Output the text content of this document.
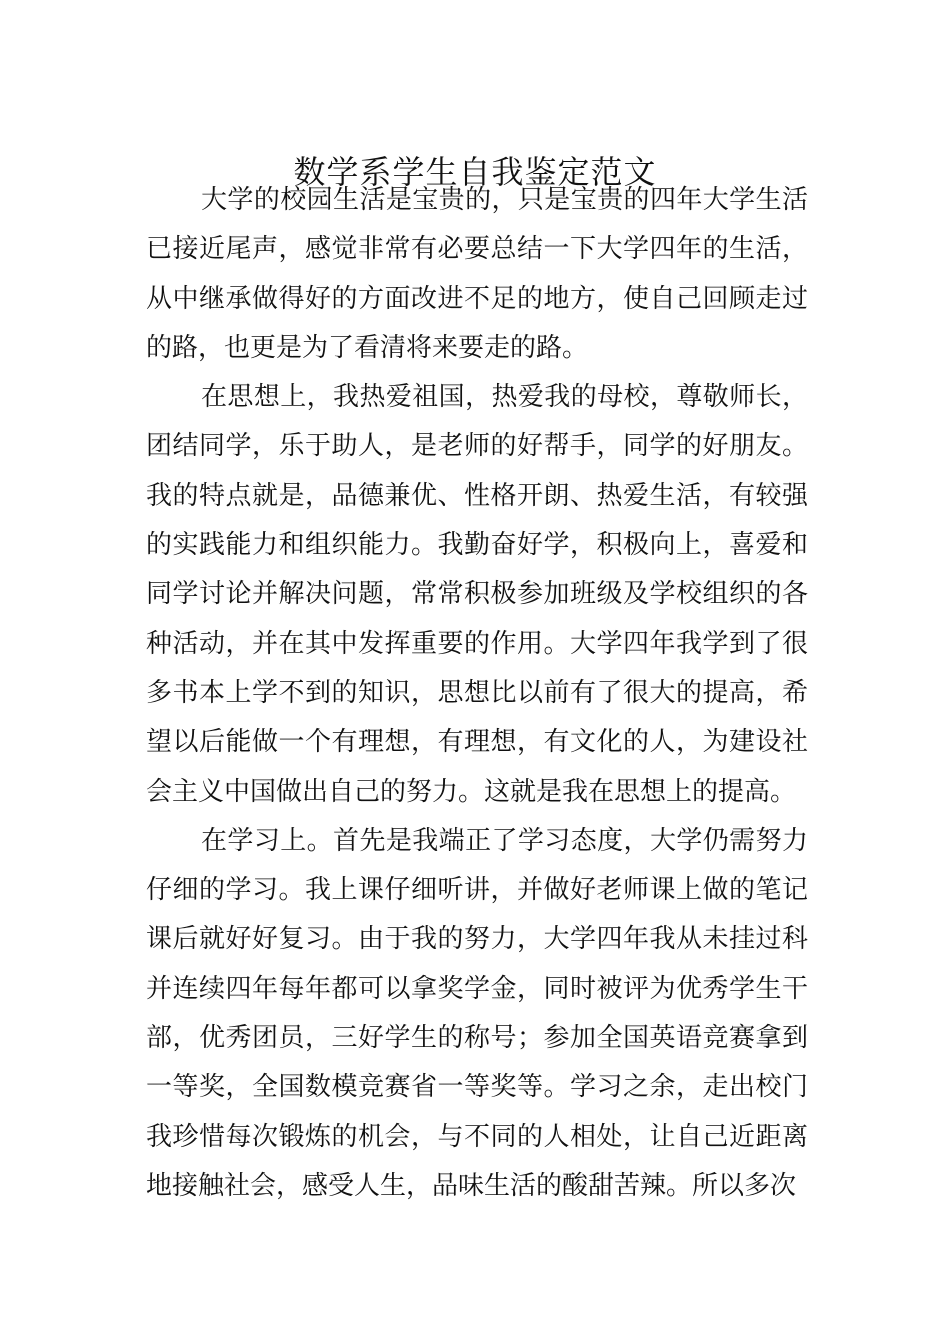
数学系学生自我鉴定范文

大学的校园生活是宝贵的，只是宝贵的四年大学生活已接近尾声，感觉非常有必要总结一下大学四年的生活，从中继承做得好的方面改进不足的地方，使自己回顾走过的路，也更是为了看清将来要走的路。

在思想上，我热爱祖国，热爱我的母校，尊敬师长，团结同学，乐于助人，是老师的好帮手，同学的好朋友。我的特点就是，品德兼优、性格开朗、热爱生活，有较强的实践能力和组织能力。我勤奋好学，积极向上，喜爱和同学讨论并解决问题，常常积极参加班级及学校组织的各种活动，并在其中发挥重要的作用。大学四年我学到了很多书本上学不到的知识，思想比以前有了很大的提高，希望以后能做一个有理想，有理想，有文化的人，为建设社会主义中国做出自己的努力。这就是我在思想上的提高。

在学习上。首先是我端正了学习态度，大学仍需努力仔细的学习。我上课仔细听讲，并做好老师课上做的笔记课后就好好复习。由于我的努力，大学四年我从未挂过科并连续四年每年都可以拿奖学金，同时被评为优秀学生干部，优秀团员，三好学生的称号；参加全国英语竞赛拿到一等奖，全国数模竞赛省一等奖等。学习之余，走出校门我珍惜每次锻炼的机会，与不同的人相处，让自己近距离地接触社会，感受人生，品味生活的酸甜苦辣。所以多次
